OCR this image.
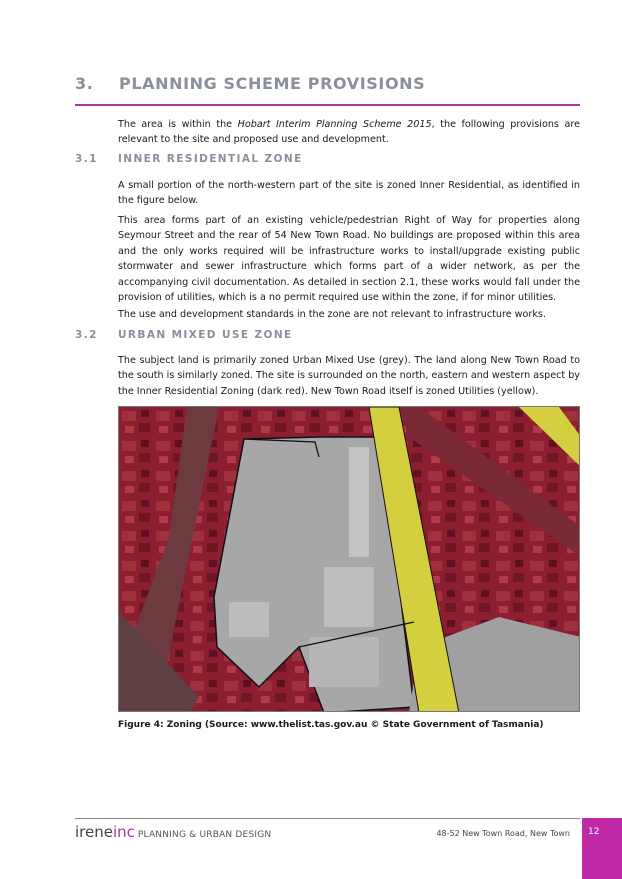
3. PLANNING SCHEME PROVISIONS

The area is within the Hobart Interim Planning Scheme 2015, the following provisions are relevant to the site and proposed use and development.

3.1 INNER RESIDENTIAL ZONE

A small portion of the north-western part of the site is zoned Inner Residential, as identified in the figure below.

This area forms part of an existing vehicle/pedestrian Right of Way for properties along Seymour Street and the rear of 54 New Town Road. No buildings are proposed within this area and the only works required will be infrastructure works to install/upgrade existing public stormwater and sewer infrastructure which forms part of a wider network, as per the accompanying civil documentation. As detailed in section 2.1, these works would fall under the provision of utilities, which is a no permit required use within the zone, if for minor utilities.

The use and development standards in the zone are not relevant to infrastructure works.

3.2 URBAN MIXED USE ZONE

The subject land is primarily zoned Urban Mixed Use (grey). The land along New Town Road to the south is similarly zoned. The site is surrounded on the north, eastern and western aspect by the Inner Residential Zoning (dark red). New Town Road itself is zoned Utilities (yellow).

Figure 4: Zoning (Source: www.thelist.tas.gov.au © State Government of Tasmania)
ireneinc PLANNING & URBAN DESIGN	48-52 New Town Road, New Town 12
